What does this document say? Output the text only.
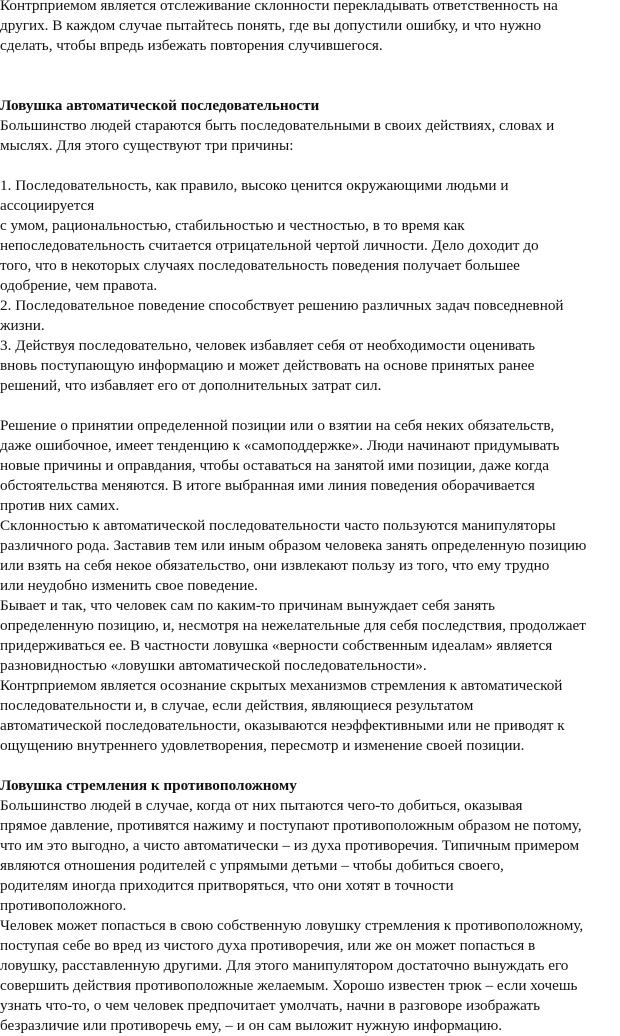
Контрприемом является отслеживание склонности перекладывать ответственность на
других. В каждом случае пытайтесь понять, где вы допустили ошибку, и что нужно
сделать, чтобы впредь избежать повторения случившегося.
Ловушка автоматической последовательности
Большинство людей стараются быть последовательными в своих действиях, словах и
мыслях. Для этого существуют три причины:
1. Последовательность, как правило, высоко ценится окружающими людьми и
ассоциируется
с умом, рациональностью, стабильностью и честностью, в то время как
непоследовательность считается отрицательной чертой личности. Дело доходит до
того, что в некоторых случаях последовательность поведения получает большее
одобрение, чем правота.
2. Последовательное поведение способствует решению различных задач повседневной
жизни.
3. Действуя последовательно, человек избавляет себя от необходимости оценивать
вновь поступающую информацию и может действовать на основе принятых ранее
решений, что избавляет его от дополнительных затрат сил.
Решение о принятии определенной позиции или о взятии на себя неких обязательств,
даже ошибочное, имеет тенденцию к «самоподдержке». Люди начинают придумывать
новые причины и оправдания, чтобы оставаться на занятой ими позиции, даже когда
обстоятельства меняются. В итоге выбранная ими линия поведения оборачивается
против них самих.
Склонностью к автоматической последовательности часто пользуются манипуляторы
различного рода. Заставив тем или иным образом человека занять определенную позицию
или взять на себя некое обязательство, они извлекают пользу из того, что ему трудно
или неудобно изменить свое поведение.
Бывает и так, что человек сам по каким-то причинам вынуждает себя занять
определенную позицию, и, несмотря на нежелательные для себя последствия, продолжает
придерживаться ее. В частности ловушка «верности собственным идеалам» является
разновидностью «ловушки автоматической последовательности».
Контрприемом является осознание скрытых механизмов стремления к автоматической
последовательности и, в случае, если действия, являющиеся результатом
автоматической последовательности, оказываются неэффективными или не приводят к
ощущению внутреннего удовлетворения, пересмотр и изменение своей позиции.
Ловушка стремления к противоположному
Большинство людей в случае, когда от них пытаются чего-то добиться, оказывая
прямое давление, противятся нажиму и поступают противоположным образом не потому,
что им это выгодно, а чисто автоматически – из духа противоречия. Типичным примером
являются отношения родителей с упрямыми детьми – чтобы добиться своего,
родителям иногда приходится притворяться, что они хотят в точности
противоположного.
Человек может попасться в свою собственную ловушку стремления к противоположному,
поступая себе во вред из чистого духа противоречия, или же он может попасться в
ловушку, расставленную другими. Для этого манипулятором достаточно вынуждать его
совершить действия противоположные желаемым. Хорошо известен трюк – если хочешь
узнать что-то, о чем человек предпочитает умолчать, начни в разговоре изображать
безразличие или противоречь ему, – и он сам выложит нужную информацию.
